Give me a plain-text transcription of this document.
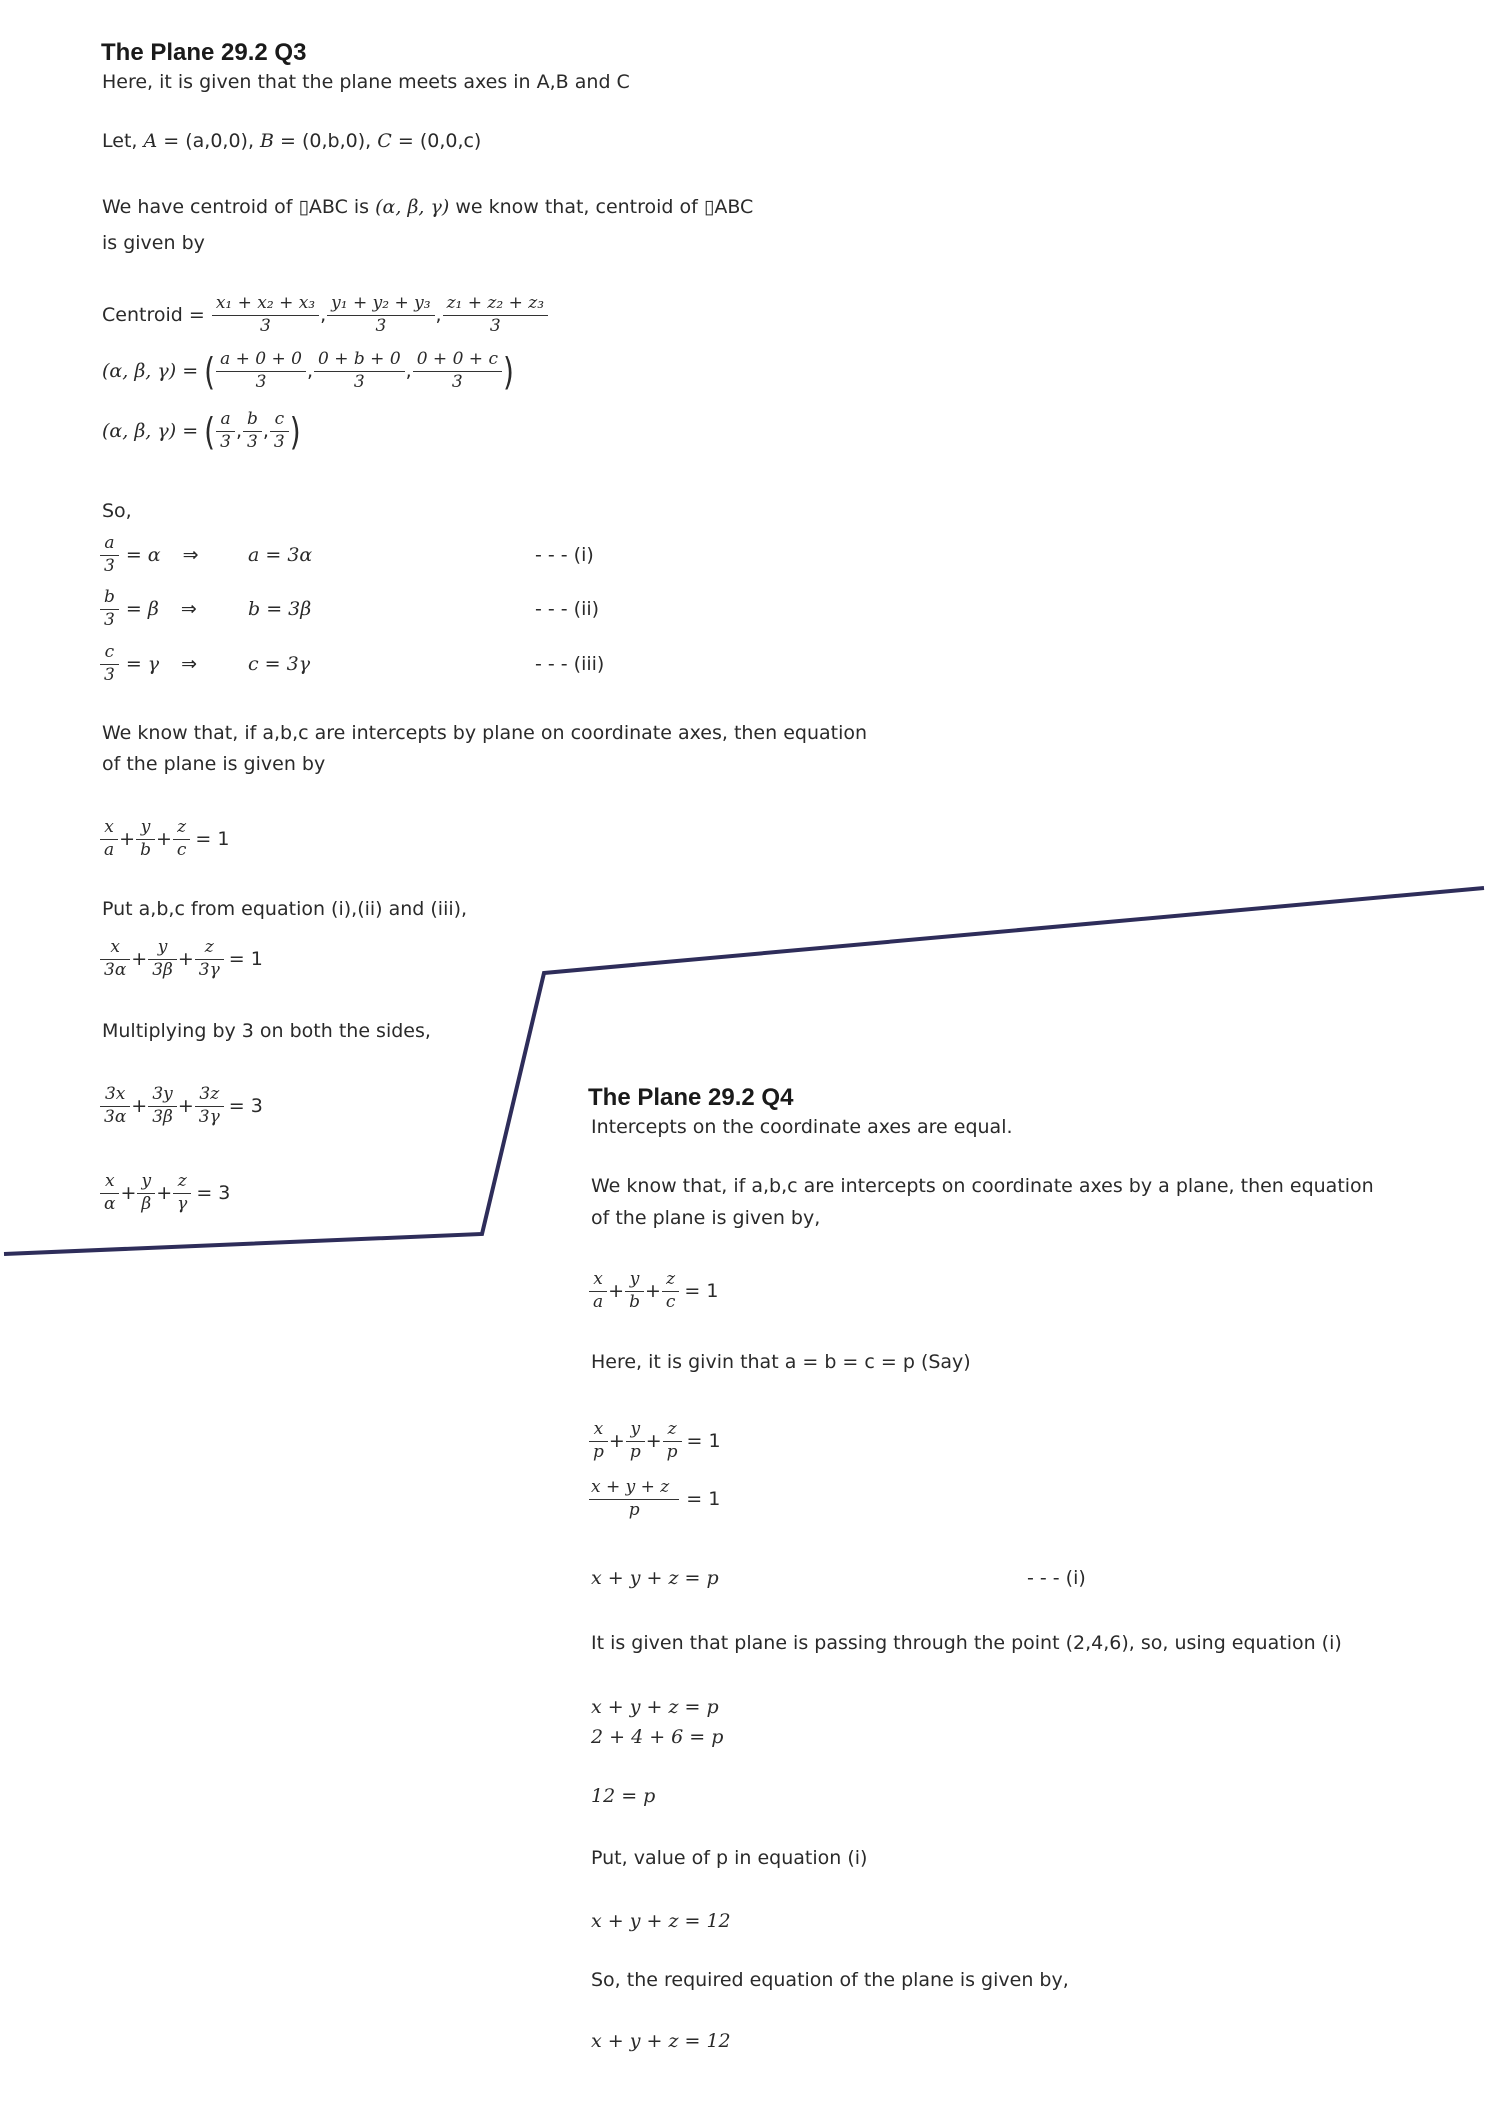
The Plane 29.2 Q3
Here, it is given that the plane meets axes in A,B and C
Let,
A = (a,0,0) , B = (0,b,0) , C = (0,0,c)
We have centroid of ▯ABC is
(α, β, γ)
we know that, centroid of ▯ABC
is given by
Centroid =
$\frac{\text{x₁ + x₂ + x₃}}{3}$ , $\frac{\text{y₁ + y₂ + y₃}}{3}$ , $\frac{\text{z₁ + z₂ + z₃}}{3}$
(α, β, γ) =
( $\frac{a + 0 + 0}{3}$ , $\frac{0 + b + 0}{3}$ , $\frac{0 + 0 + c}{3}$ )
(α, β, γ) =
( $\frac{a}{3}$ , $\frac{b}{3}$ , $\frac{c}{3}$ )
So,
$\frac{a}{3} = \alpha$ ⇒	a = 3α	- - - (i)
$\frac{b}{3} = \beta$ ⇒	b = 3β	- - - (ii)
$\frac{c}{3} = \gamma$ ⇒	c = 3γ	- - - (iii)
We know that, if a,b,c are intercepts by plane on coordinate axes, then equation
of the plane is given by
$\frac{x}{a} + \frac{y}{b} + \frac{z}{c} = 1$
Put a,b,c from equation (i),(ii) and (iii),
$\frac{x}{3\alpha} + \frac{y}{3\beta} + \frac{z}{3\gamma} = 1$
Multiplying by 3 on both the sides,
$\frac{3x}{3\alpha} + \frac{3y}{3\beta} + \frac{3z}{3\gamma} = 3$
$\frac{x}{\alpha} + \frac{y}{\beta} + \frac{z}{\gamma} = 3$
The Plane 29.2 Q4
Intercepts on the coordinate axes are equal.
We know that, if a,b,c are intercepts on coordinate axes by a plane, then equation
of the plane is given by,
$\frac{x}{a} + \frac{y}{b} + \frac{z}{c} = 1$
Here, it is givin that a = b = c = p (Say)
$\frac{x}{p} + \frac{y}{p} + \frac{z}{p} = 1$
$\frac{x + y + z}{p} = 1$
x + y + z = p	- - - (i)
It is given that plane is passing through the point (2,4,6), so, using equation (i)
x + y + z = p
2 + 4 + 6 = p
12 = p
Put, value of p in equation (i)
x + y + z = 12
So, the required equation of the plane is given by,
x + y + z = 12
